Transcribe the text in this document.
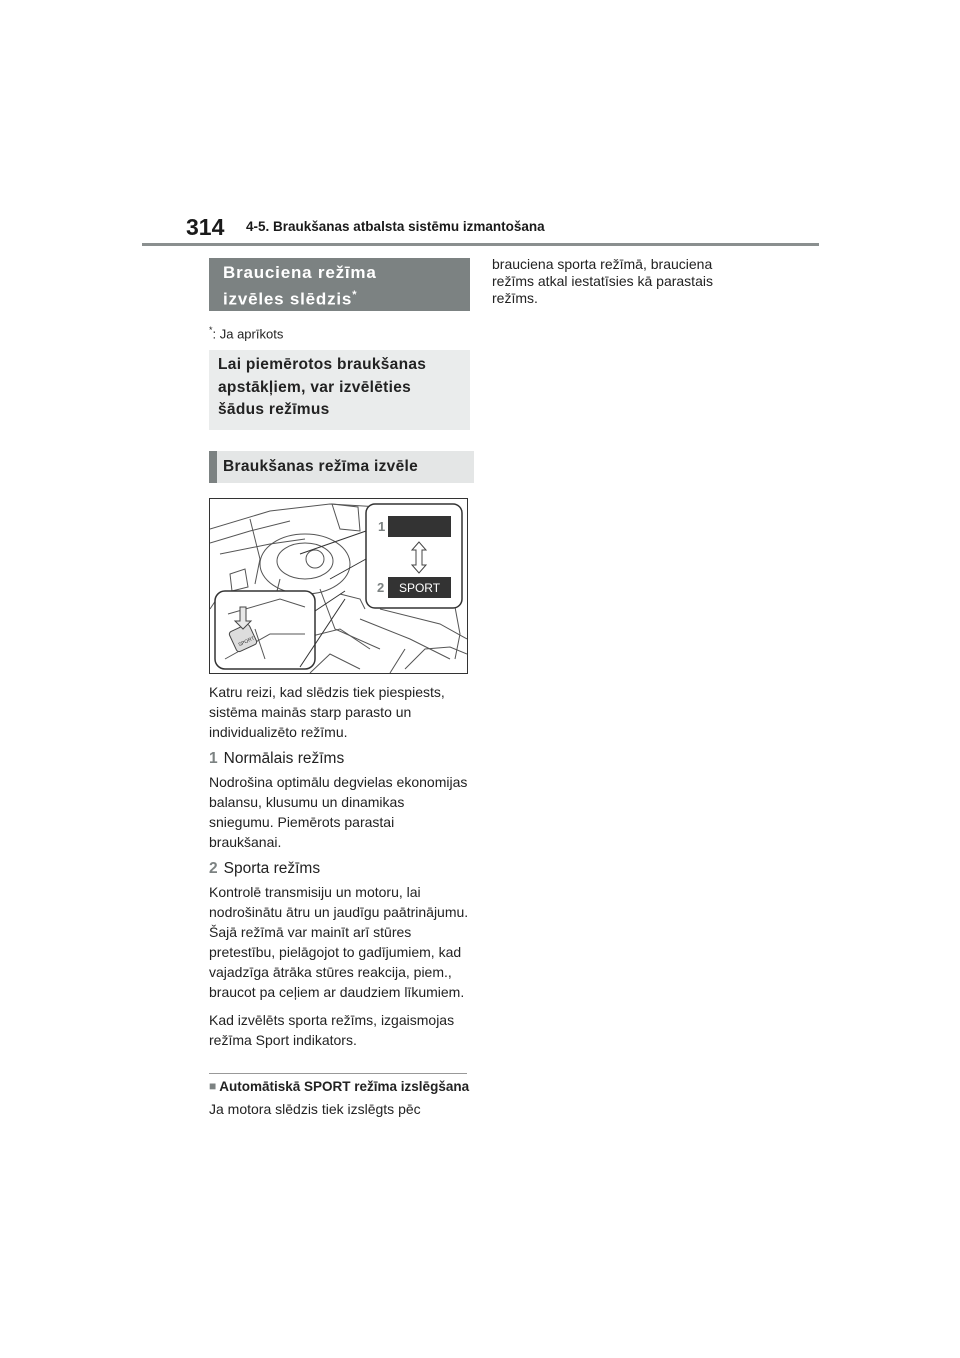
314 4-5. Braukšanas atbalsta sistēmu izmantošana
Brauciena režīma
izvēles slēdzis*
*: Ja aprīkots
Lai piemērotos braukšanas apstākļiem, var izvēlēties šādus režīmus
Braukšanas režīma izvēle
1
2 SPORT
SPORT
Katru reizi, kad slēdzis tiek piespiests, sistēma mainās starp parasto un individualizēto režīmu.
1 Normālais režīms
Nodrošina optimālu degvielas ekonomijas balansu, klusumu un dinamikas sniegumu. Piemērots parastai braukšanai.
2 Sporta režīms
Kontrolē transmisiju un motoru, lai nodrošinātu ātru un jaudīgu paātrinājumu. Šajā režīmā var mainīt arī stūres pretestību, pielāgojot to gadījumiem, kad vajadzīga ātrāka stūres reakcija, piem., braucot pa ceļiem ar daudziem līkumiem.
Kad izvēlēts sporta režīms, izgaismojas režīma Sport indikators.
■ Automātiskā SPORT režīma izslēgšana
Ja motora slēdzis tiek izslēgts pēc
brauciena sporta režīmā, brauciena režīms atkal iestatīsies kā parastais režīms.
